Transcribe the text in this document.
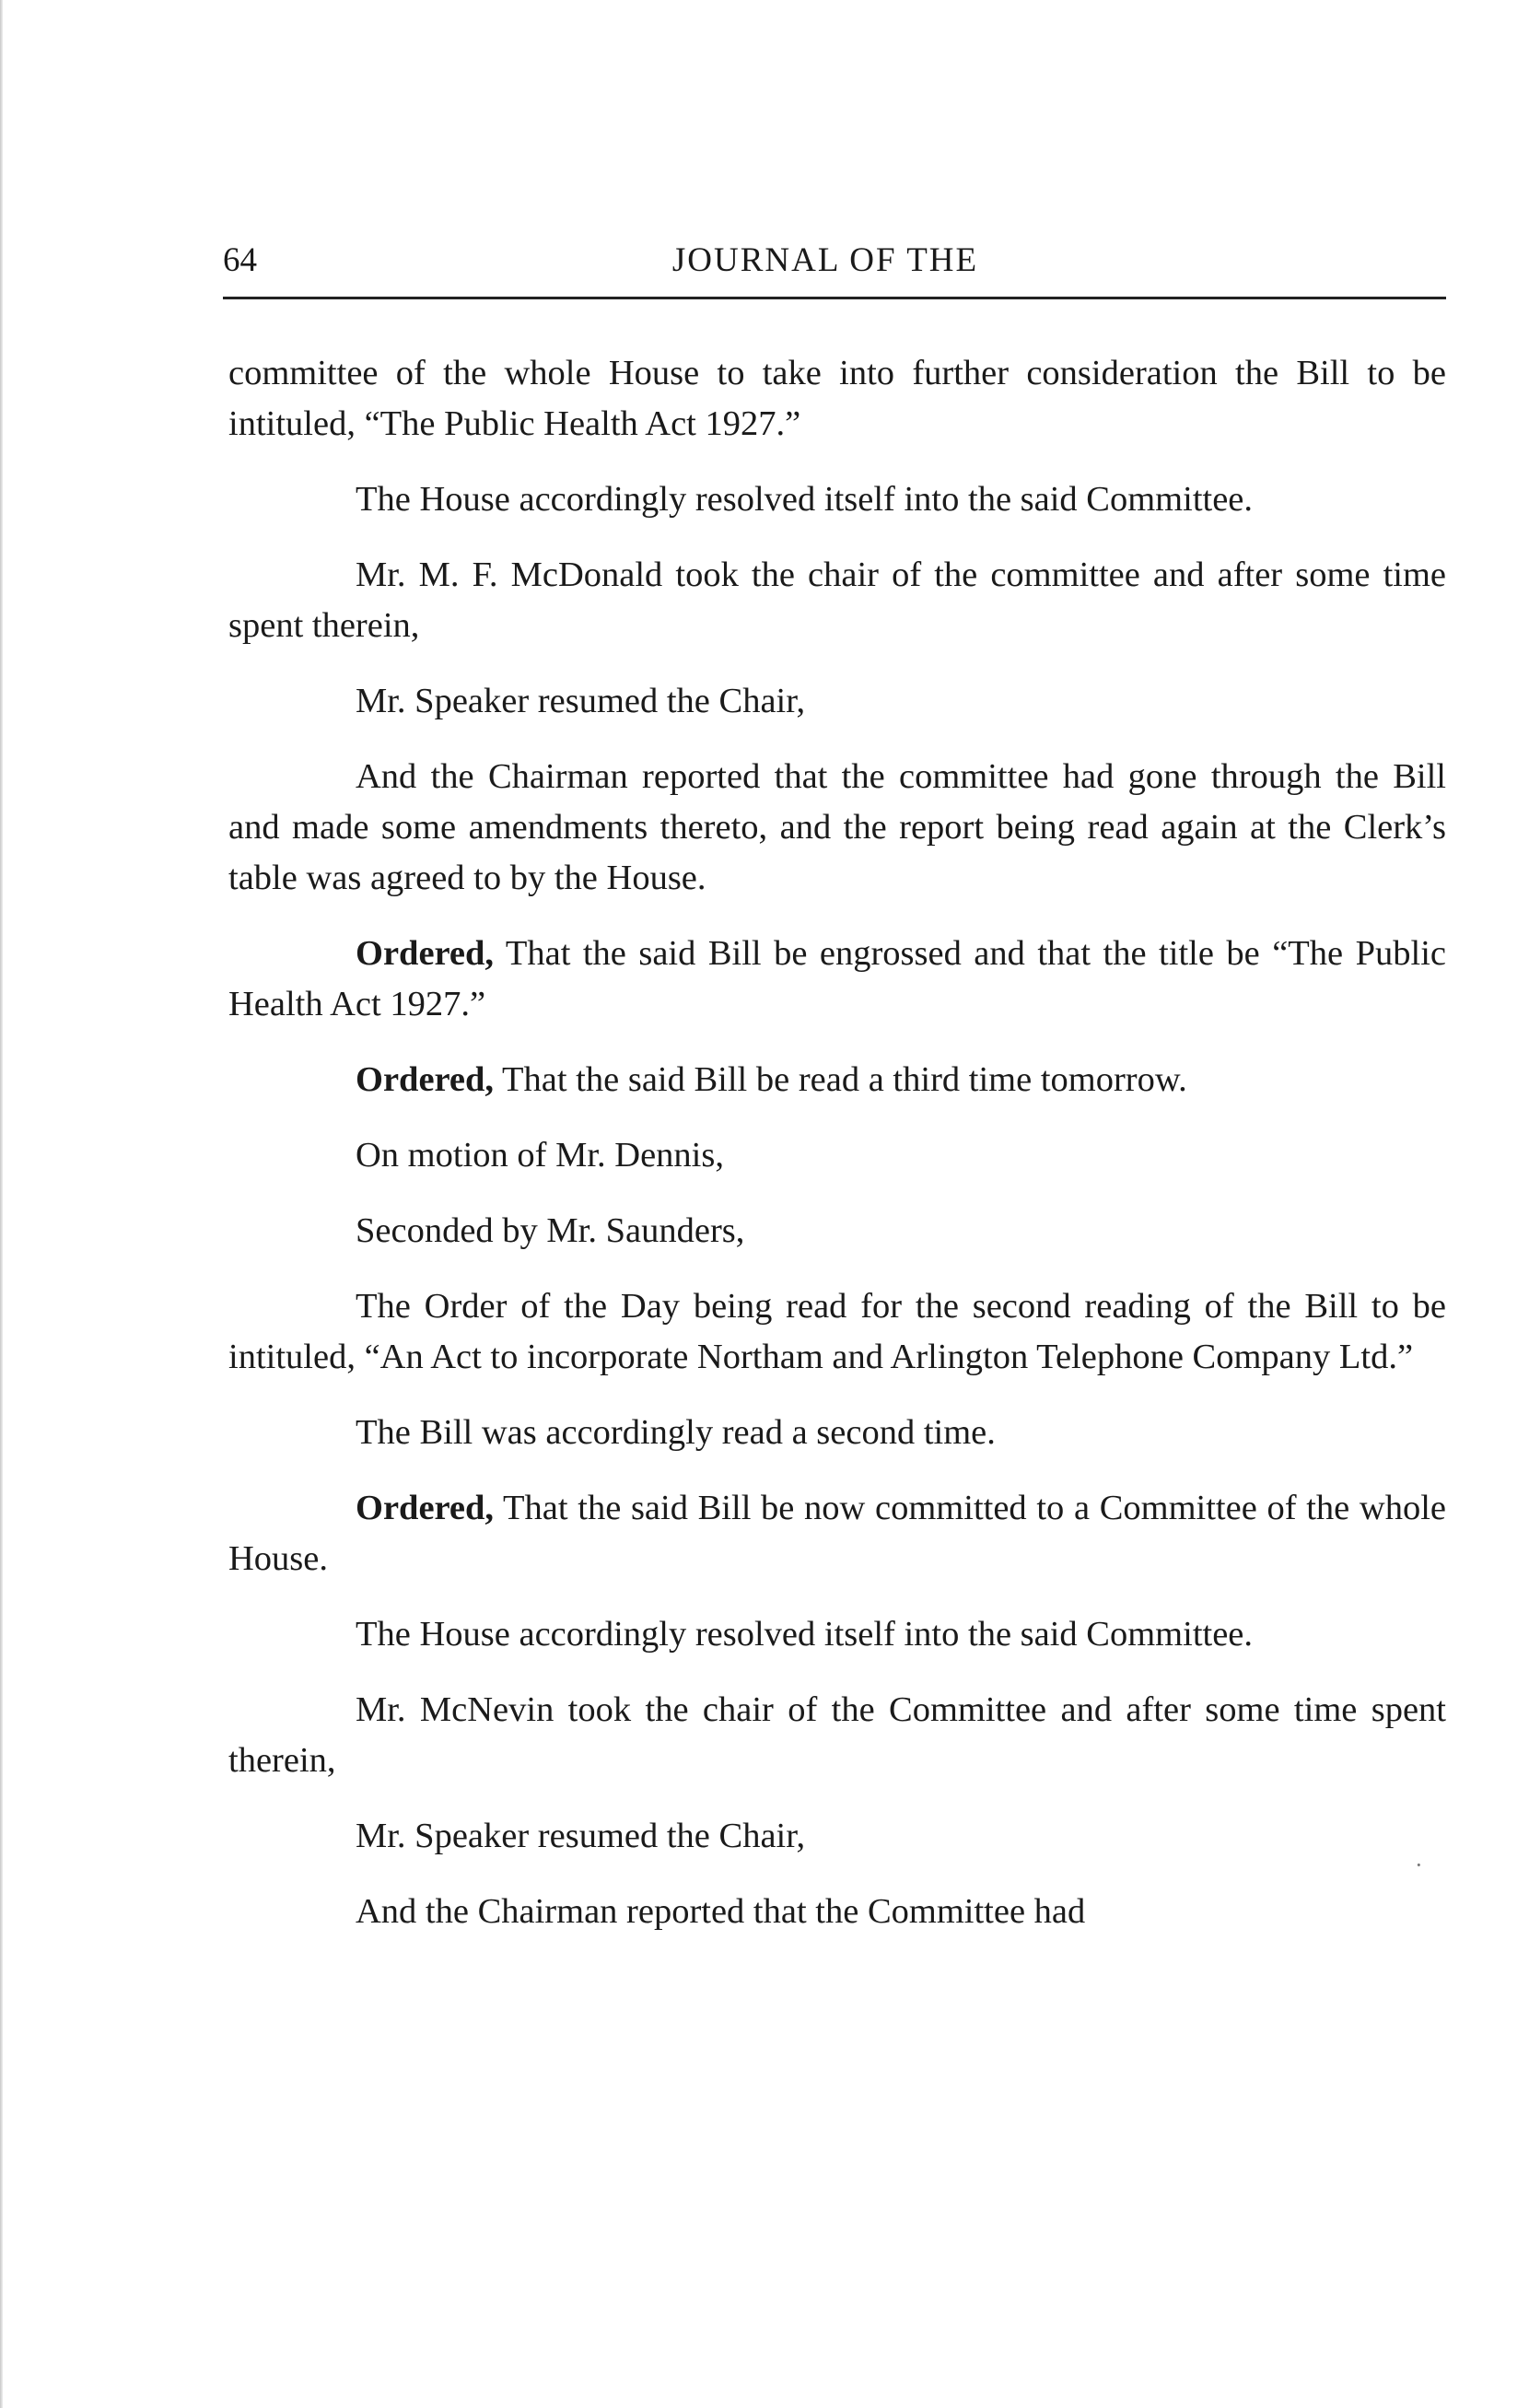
64	JOURNAL OF THE

committee of the whole House to take into further consideration the Bill to be intituled, “The Public Health Act 1927.”

The House accordingly resolved itself into the said Committee.

Mr. M. F. McDonald took the chair of the committee and after some time spent therein,

Mr. Speaker resumed the Chair,

And the Chairman reported that the committee had gone through the Bill and made some amendments thereto, and the report being read again at the Clerk’s table was agreed to by the House.

Ordered, That the said Bill be engrossed and that the title be “The Public Health Act 1927.”

Ordered, That the said Bill be read a third time tomorrow.

On motion of Mr. Dennis,

Seconded by Mr. Saunders,

The Order of the Day being read for the second reading of the Bill to be intituled, “An Act to incorporate Northam and Arlington Telephone Company Ltd.”

The Bill was accordingly read a second time.

Ordered, That the said Bill be now committed to a Committee of the whole House.

The House accordingly resolved itself into the said Committee.

Mr. McNevin took the chair of the Committee and after some time spent therein,

Mr. Speaker resumed the Chair,

And the Chairman reported that the Committee had

·
